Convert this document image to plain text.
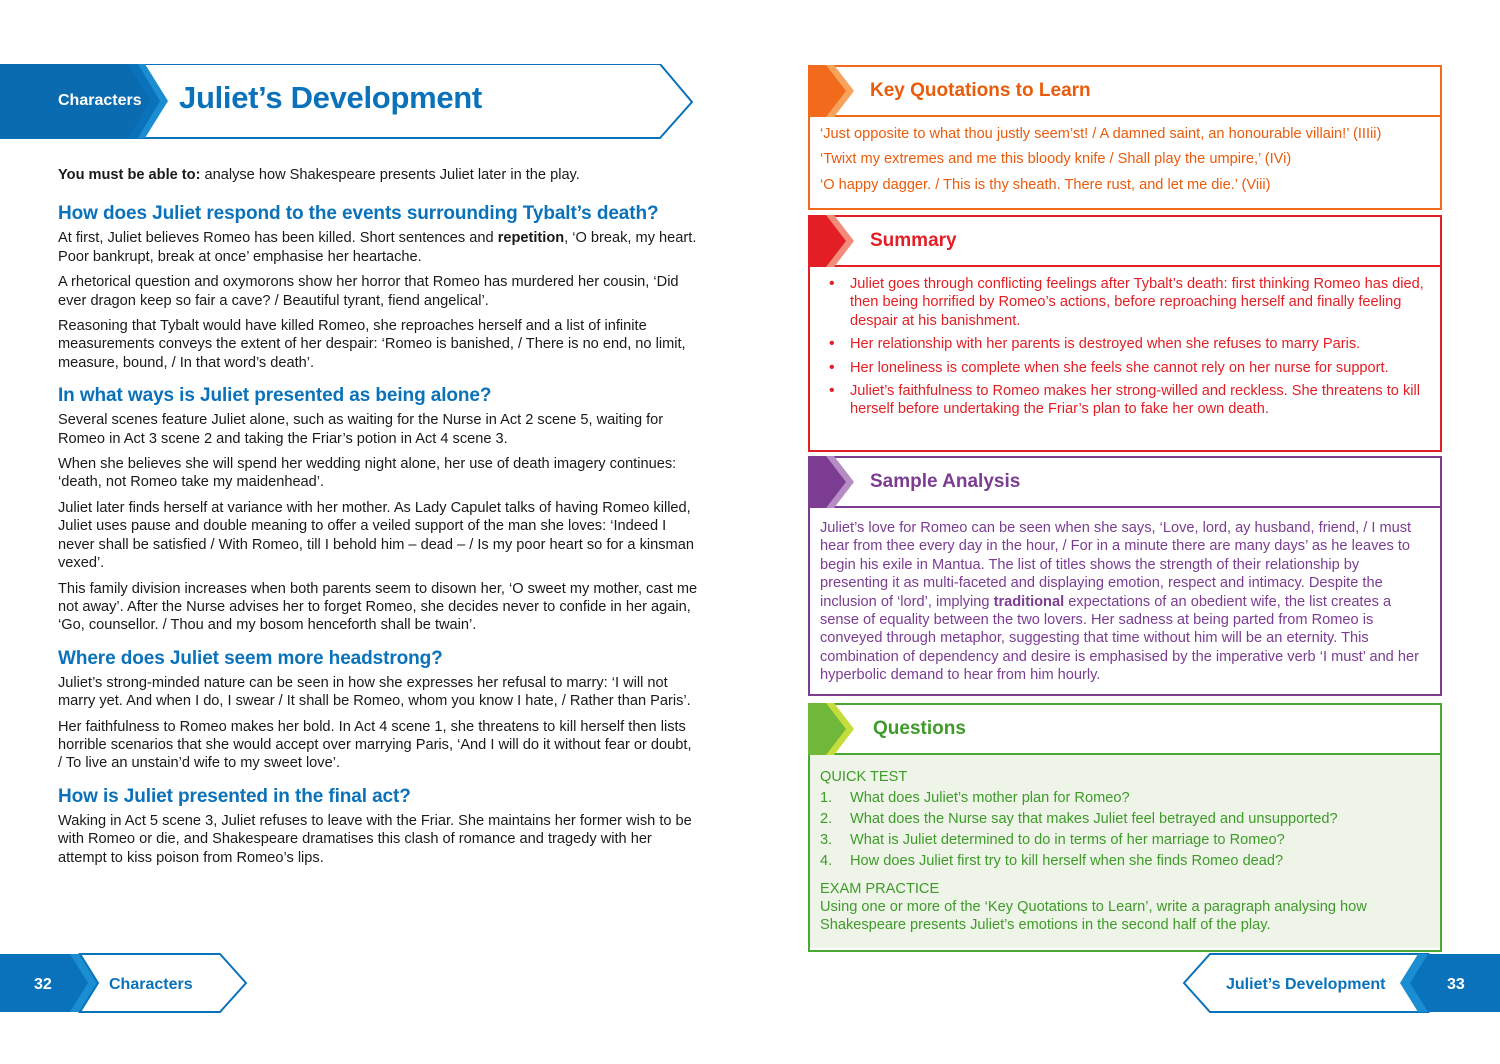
Characters Juliet’s Development
You must be able to: analyse how Shakespeare presents Juliet later in the play.
How does Juliet respond to the events surrounding Tybalt’s death?
At first, Juliet believes Romeo has been killed. Short sentences and repetition, ‘O break, my heart. Poor bankrupt, break at once’ emphasise her heartache.
A rhetorical question and oxymorons show her horror that Romeo has murdered her cousin, ‘Did ever dragon keep so fair a cave? / Beautiful tyrant, fiend angelical’.
Reasoning that Tybalt would have killed Romeo, she reproaches herself and a list of infinite measurements conveys the extent of her despair: ‘Romeo is banished, / There is no end, no limit, measure, bound, / In that word’s death’.
In what ways is Juliet presented as being alone?
Several scenes feature Juliet alone, such as waiting for the Nurse in Act 2 scene 5, waiting for Romeo in Act 3 scene 2 and taking the Friar’s potion in Act 4 scene 3.
When she believes she will spend her wedding night alone, her use of death imagery continues: ‘death, not Romeo take my maidenhead’.
Juliet later finds herself at variance with her mother. As Lady Capulet talks of having Romeo killed, Juliet uses pause and double meaning to offer a veiled support of the man she loves: ‘Indeed I never shall be satisfied / With Romeo, till I behold him – dead – / Is my poor heart so for a kinsman vexed’.
This family division increases when both parents seem to disown her, ‘O sweet my mother, cast me not away’. After the Nurse advises her to forget Romeo, she decides never to confide in her again, ‘Go, counsellor. / Thou and my bosom henceforth shall be twain’.
Where does Juliet seem more headstrong?
Juliet’s strong-minded nature can be seen in how she expresses her refusal to marry: ‘I will not marry yet. And when I do, I swear / It shall be Romeo, whom you know I hate, / Rather than Paris’.
Her faithfulness to Romeo makes her bold. In Act 4 scene 1, she threatens to kill herself then lists horrible scenarios that she would accept over marrying Paris, ‘And I will do it without fear or doubt, / To live an unstain’d wife to my sweet love’.
How is Juliet presented in the final act?
Waking in Act 5 scene 3, Juliet refuses to leave with the Friar. She maintains her former wish to be with Romeo or die, and Shakespeare dramatises this clash of romance and tragedy with her attempt to kiss poison from Romeo’s lips.
32	Characters
Key Quotations to Learn
‘Just opposite to what thou justly seem’st! / A damned saint, an honourable villain!’ (IIIii)
‘Twixt my extremes and me this bloody knife / Shall play the umpire,’ (IVi)
‘O happy dagger. / This is thy sheath. There rust, and let me die.’ (Viii)
Summary
• Juliet goes through conflicting feelings after Tybalt’s death: first thinking Romeo has died, then being horrified by Romeo’s actions, before reproaching herself and finally feeling despair at his banishment.
• Her relationship with her parents is destroyed when she refuses to marry Paris.
• Her loneliness is complete when she feels she cannot rely on her nurse for support.
• Juliet’s faithfulness to Romeo makes her strong-willed and reckless. She threatens to kill herself before undertaking the Friar’s plan to fake her own death.
Sample Analysis
Juliet’s love for Romeo can be seen when she says, ‘Love, lord, ay husband, friend, / I must hear from thee every day in the hour, / For in a minute there are many days’ as he leaves to begin his exile in Mantua. The list of titles shows the strength of their relationship by presenting it as multi-faceted and displaying emotion, respect and intimacy. Despite the inclusion of ‘lord’, implying traditional expectations of an obedient wife, the list creates a sense of equality between the two lovers. Her sadness at being parted from Romeo is conveyed through metaphor, suggesting that time without him will be an eternity. This combination of dependency and desire is emphasised by the imperative verb ‘I must’ and her hyperbolic demand to hear from him hourly.
Questions
QUICK TEST
1. What does Juliet’s mother plan for Romeo?
2. What does the Nurse say that makes Juliet feel betrayed and unsupported?
3. What is Juliet determined to do in terms of her marriage to Romeo?
4. How does Juliet first try to kill herself when she finds Romeo dead?
EXAM PRACTICE
Using one or more of the ‘Key Quotations to Learn’, write a paragraph analysing how Shakespeare presents Juliet’s emotions in the second half of the play.
Juliet’s Development	33
